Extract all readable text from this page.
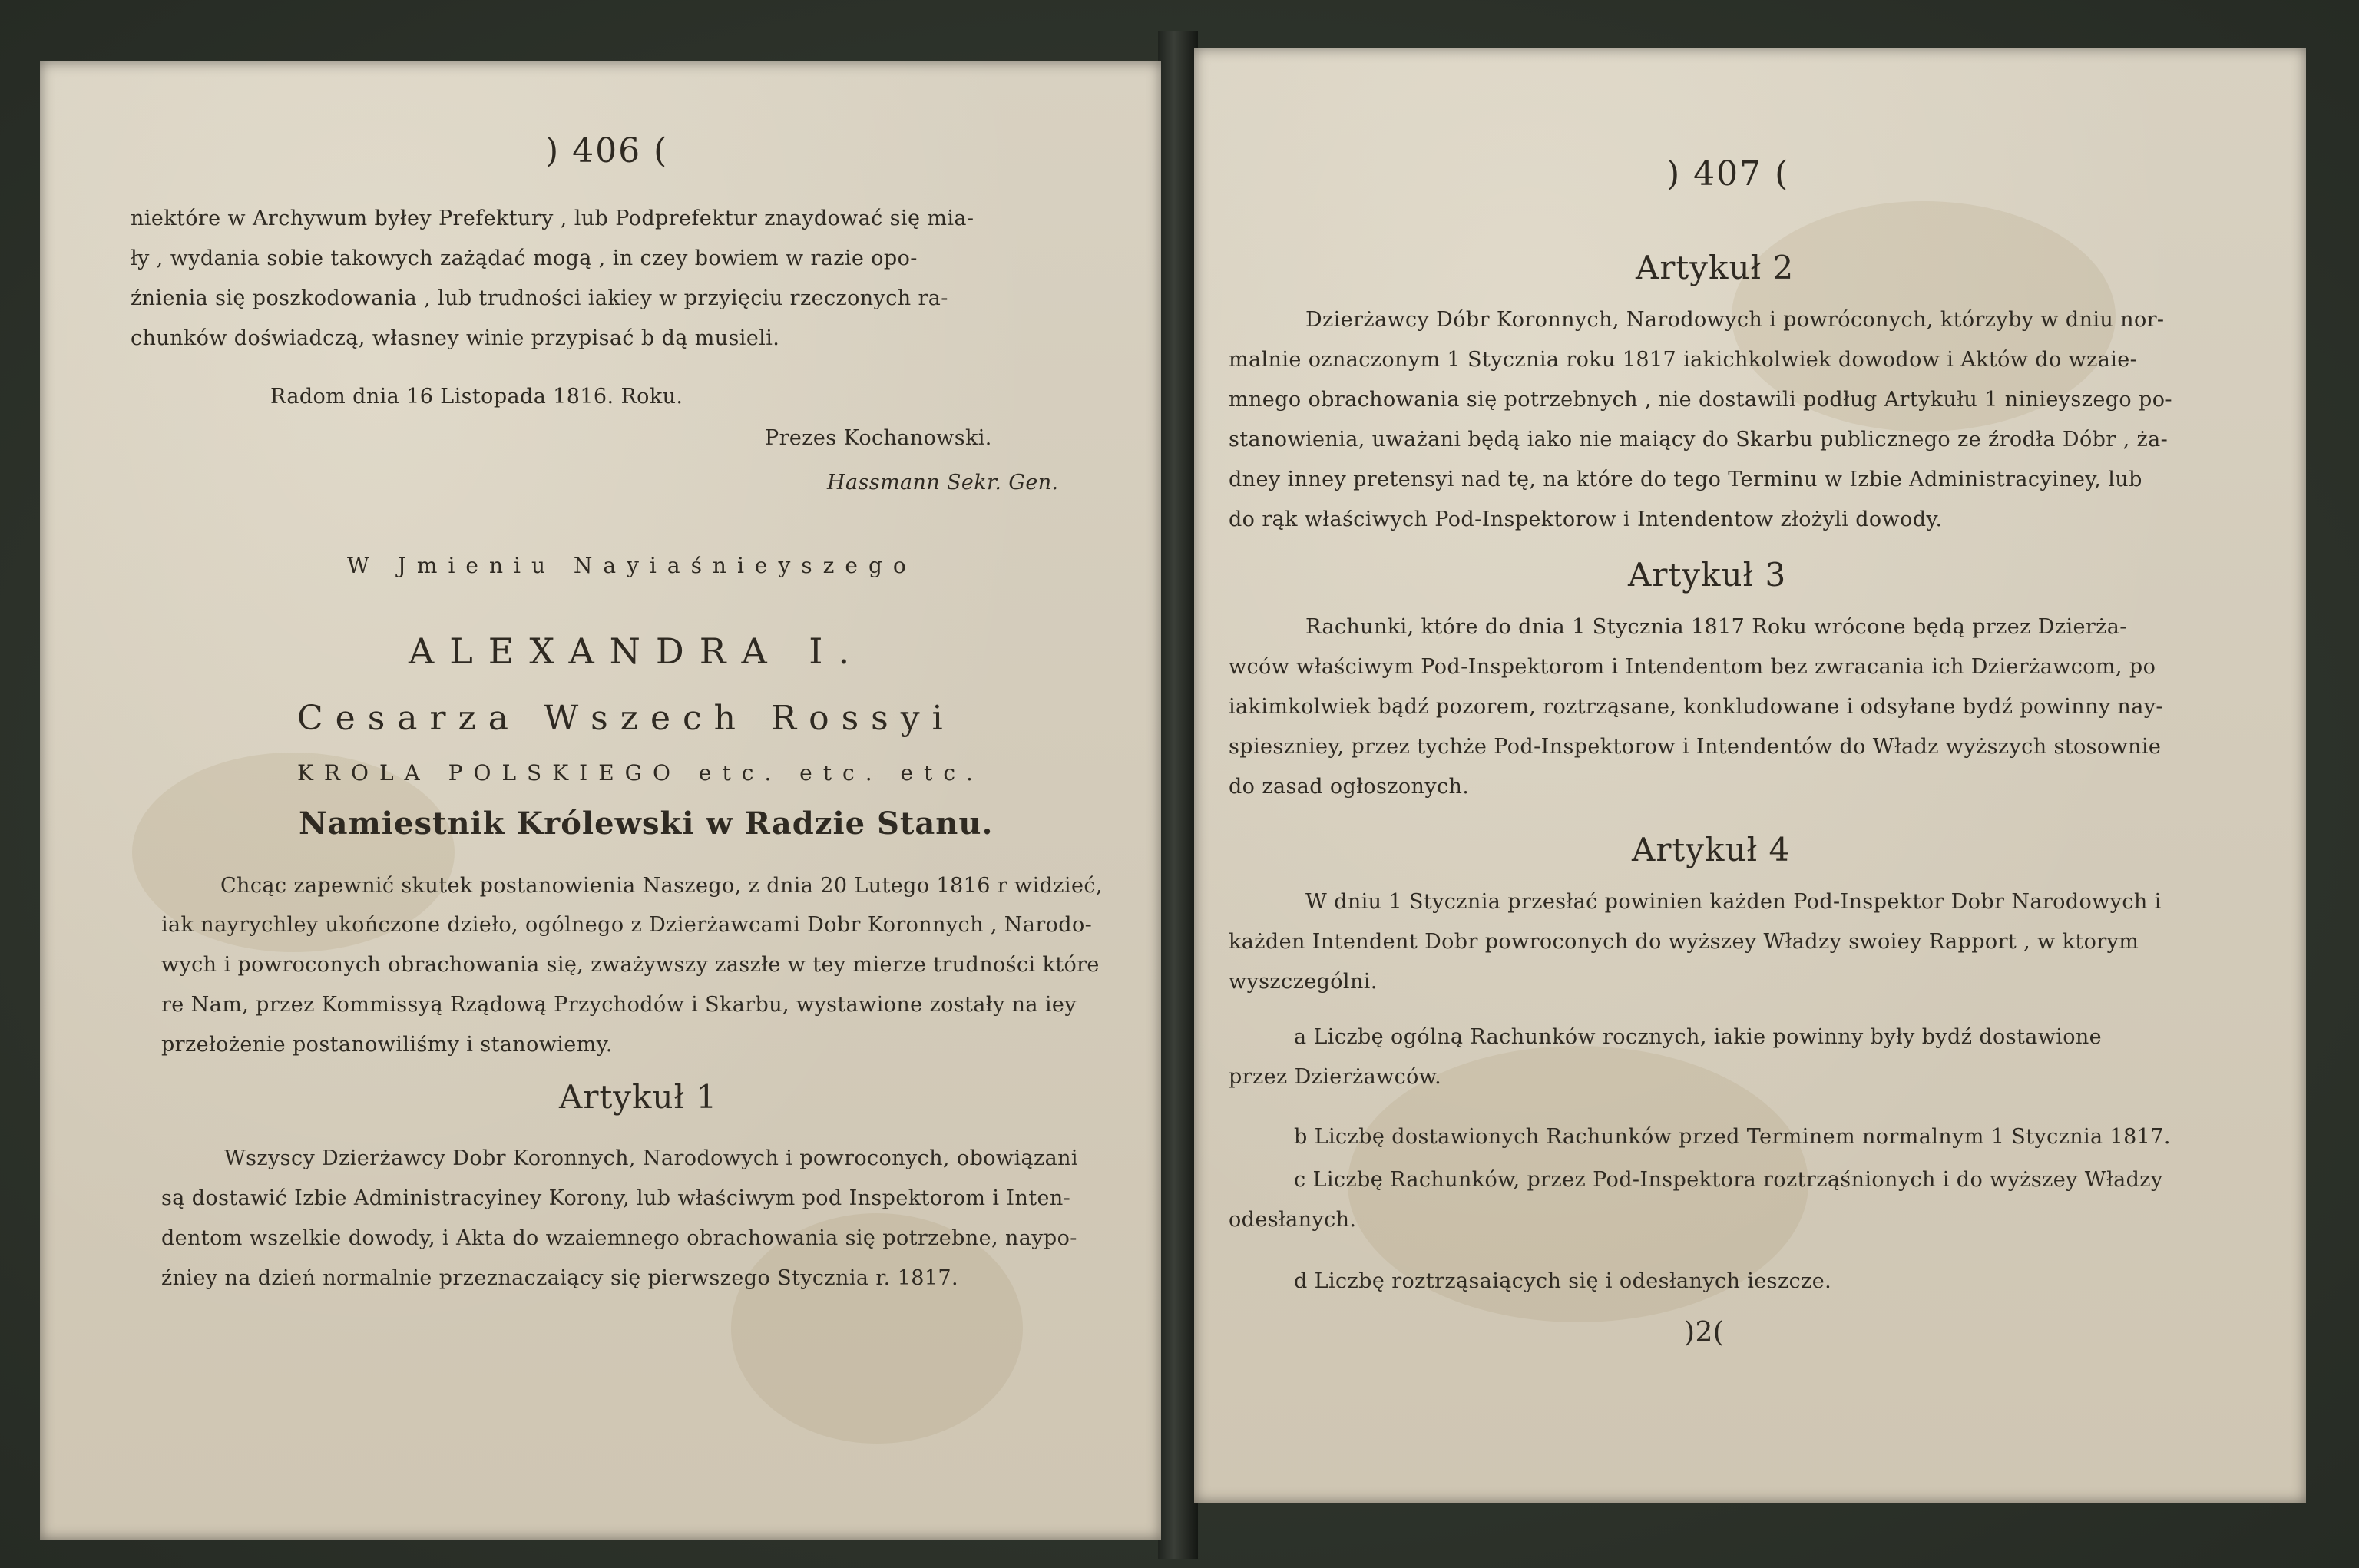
) 406 (
niektóre w Archywum byłey Prefektury , lub Podprefektur znaydować się mia-
ły , wydania sobie takowych zażądać mogą , in czey bowiem w razie opo-
źnienia się poszkodowania , lub trudności iakiey w przyięciu rzeczonych ra-
chunków doświadczą, własney winie przypisać b dą musieli.
Radom dnia 16 Listopada 1816. Roku.
Prezes Kochanowski.
Hassmann Sekr. Gen.
W Jmieniu Nayiaśnieyszego
ALEXANDRA I.
Cesarza Wszech Rossyi
KROLA POLSKIEGO etc. etc. etc.
Namiestnik Królewski w Radzie Stanu.
Chcąc zapewnić skutek postanowienia Naszego, z dnia 20 Lutego 1816 r widzieć,
iak nayrychley ukończone dzieło, ogólnego z Dzierżawcami Dobr Koronnych , Narodo-
wych i powroconych obrachowania się, zważywszy zaszłe w tey mierze trudności które
re Nam, przez Kommissyą Rządową Przychodów i Skarbu, wystawione zostały na iey
przełożenie postanowiliśmy i stanowiemy.
Artykuł 1
Wszyscy Dzierżawcy Dobr Koronnych, Narodowych i powroconych, obowiązani
są dostawić Izbie Administracyiney Korony, lub właściwym pod Inspektorom i Inten-
dentom wszelkie dowody, i Akta do wzaiemnego obrachowania się potrzebne, naypo-
źniey na dzień normalnie przeznaczaiący się pierwszego Stycznia r. 1817.
) 407 (
Artykuł 2
Dzierżawcy Dóbr Koronnych, Narodowych i powróconych, którzyby w dniu nor-
malnie oznaczonym 1 Stycznia roku 1817 iakichkolwiek dowodow i Aktów do wzaie-
mnego obrachowania się potrzebnych , nie dostawili podług Artykułu 1 ninieyszego po-
stanowienia, uważani będą iako nie maiący do Skarbu publicznego ze źrodła Dóbr , ża-
dney inney pretensyi nad tę, na które do tego Terminu w Izbie Administracyiney, lub
do rąk właściwych Pod-Inspektorow i Intendentow złożyli dowody.
Artykuł 3
Rachunki, które do dnia 1 Stycznia 1817 Roku wrócone będą przez Dzierża-
wców właściwym Pod-Inspektorom i Intendentom bez zwracania ich Dzierżawcom, po
iakimkolwiek bądź pozorem, roztrząsane, konkludowane i odsyłane bydź powinny nay-
spieszniey, przez tychże Pod-Inspektorow i Intendentów do Władz wyższych stosownie
do zasad ogłoszonych.
Artykuł 4
W dniu 1 Stycznia przesłać powinien każden Pod-Inspektor Dobr Narodowych i
każden Intendent Dobr powroconych do wyższey Władzy swoiey Rapport , w ktorym
wyszczególni.
a Liczbę ogólną Rachunków rocznych, iakie powinny były bydź dostawione
przez Dzierżawców.
b Liczbę dostawionych Rachunków przed Terminem normalnym 1 Stycznia 1817.
c Liczbę Rachunków, przez Pod-Inspektora roztrząśnionych i do wyższey Władzy
odesłanych.
d Liczbę roztrząsaiących się i odesłanych ieszcze.
)2(
